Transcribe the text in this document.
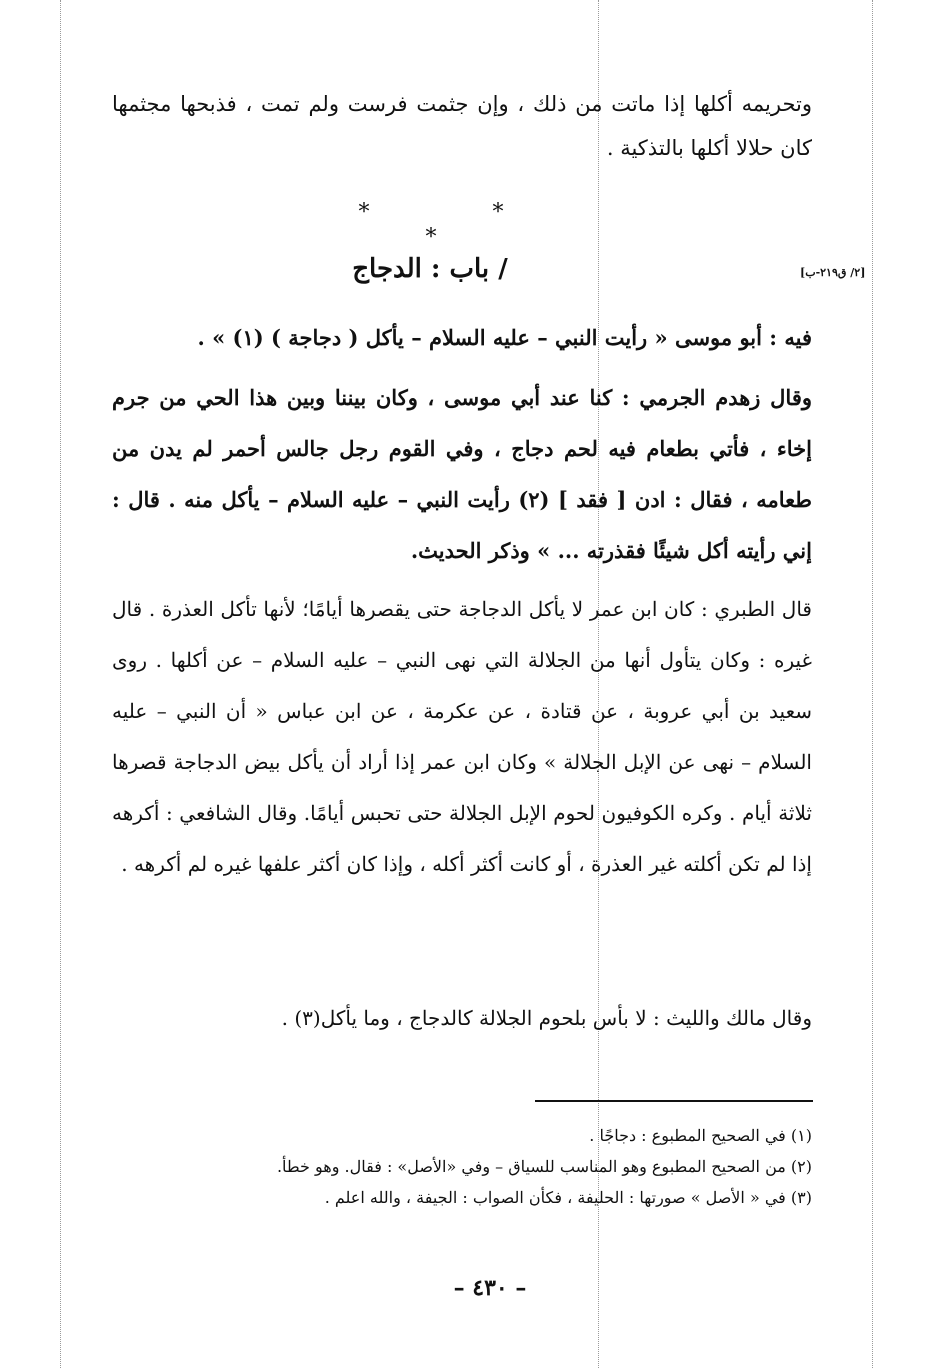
وتحريمه أكلها إذا ماتت من ذلك ، وإن جثمت فرست ولم تمت ، فذبحها مجثمها كان حلالا أكلها بالتذكية .
* * *
/ باب : الدجاج	[٢/ ق٢١٩-ب]
فيه : أبو موسى « رأيت النبي – عليه السلام – يأكل ( دجاجة ) (١) » .
وقال زهدم الجرمي : كنا عند أبي موسى ، وكان بيننا وبين هذا الحي من جرم إخاء ، فأتي بطعام فيه لحم دجاج ، وفي القوم رجل جالس أحمر لم يدن من طعامه ، فقال : ادن [ فقد ] (٢) رأيت النبي – عليه السلام – يأكل منه . قال : إني رأيته أكل شيئًا فقذرته ... » وذكر الحديث.
قال الطبري : كان ابن عمر لا يأكل الدجاجة حتى يقصرها أيامًا؛ لأنها تأكل العذرة . قال غيره : وكان يتأول أنها من الجلالة التي نهى النبي – عليه السلام – عن أكلها . روى سعيد بن أبي عروبة ، عن قتادة ، عن عكرمة ، عن ابن عباس « أن النبي – عليه السلام – نهى عن الإبل الجلالة » وكان ابن عمر إذا أراد أن يأكل بيض الدجاجة قصرها ثلاثة أيام . وكره الكوفيون لحوم الإبل الجلالة حتى تحبس أيامًا. وقال الشافعي : أكرهه إذا لم تكن أكلته غير العذرة ، أو كانت أكثر أكله ، وإذا كان أكثر علفها غيره لم أكرهه .
وقال مالك والليث : لا بأس بلحوم الجلالة كالدجاج ، وما يأكل(٣) .
(١) في الصحيح المطبوع : دجاجًا .
(٢) من الصحيح المطبوع وهو المناسب للسياق – وفي «الأصل» : فقال. وهو خطأ.
(٣) في « الأصل » صورتها : الحليفة ، فكأن الصواب : الجيفة ، والله اعلم .
– ٤٣٠ –
